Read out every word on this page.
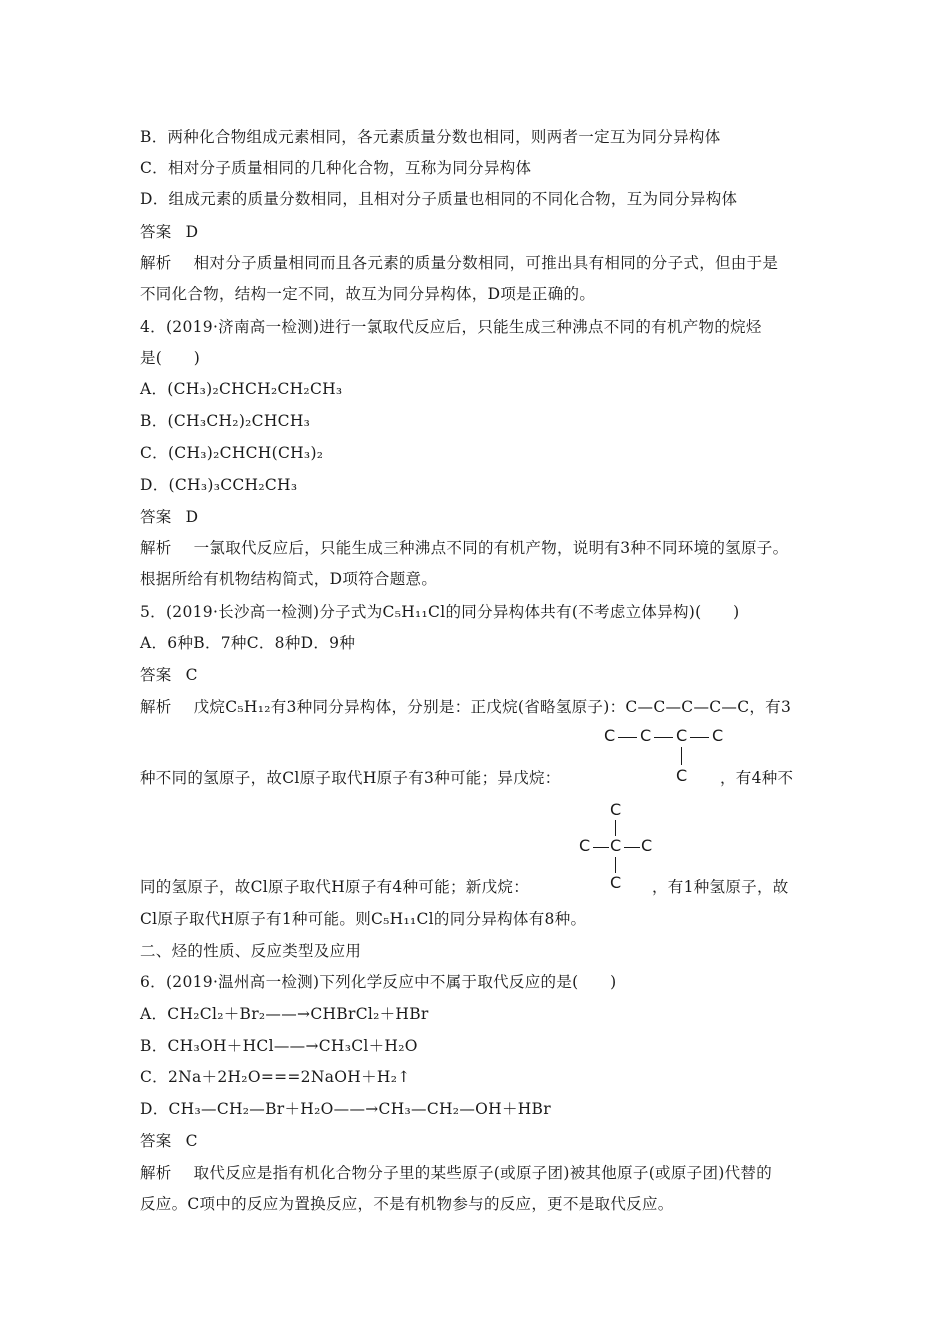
B．两种化合物组成元素相同，各元素质量分数也相同，则两者一定互为同分异构体
C．相对分子质量相同的几种化合物，互称为同分异构体
D．组成元素的质量分数相同，且相对分子质量也相同的不同化合物，互为同分异构体
答案 D
解析 相对分子质量相同而且各元素的质量分数相同，可推出具有相同的分子式，但由于是
不同化合物，结构一定不同，故互为同分异构体，D项是正确的。
4．(2019·济南高一检测)进行一氯取代反应后，只能生成三种沸点不同的有机产物的烷烃
是(　　)
A．(CH₃)₂CHCH₂CH₂CH₃
B．(CH₃CH₂)₂CHCH₃
C．(CH₃)₂CHCH(CH₃)₂
D．(CH₃)₃CCH₂CH₃
答案 D
解析 一氯取代反应后，只能生成三种沸点不同的有机产物，说明有3种不同环境的氢原子。
根据所给有机物结构简式，D项符合题意。
5．(2019·长沙高一检测)分子式为C₅H₁₁Cl的同分异构体共有(不考虑立体异构)(　　)
A．6种B．7种C．8种D．9种
答案 C
解析 戊烷C₅H₁₂有3种同分异构体，分别是：正戊烷(省略氢原子)：C—C—C—C—C，有3
C C C C
C
种不同的氢原子，故Cl原子取代H原子有3种可能；异戊烷：	，有4种不
C
C C C
C
同的氢原子，故Cl原子取代H原子有4种可能；新戊烷：	，有1种氢原子，故
Cl原子取代H原子有1种可能。则C₅H₁₁Cl的同分异构体有8种。
二、烃的性质、反应类型及应用
6．(2019·温州高一检测)下列化学反应中不属于取代反应的是(　　)
A．CH₂Cl₂＋Br₂——→CHBrCl₂＋HBr
B．CH₃OH＋HCl——→CH₃Cl＋H₂O
C．2Na＋2H₂O===2NaOH＋H₂↑
D．CH₃—CH₂—Br＋H₂O——→CH₃—CH₂—OH＋HBr
答案 C
解析 取代反应是指有机化合物分子里的某些原子(或原子团)被其他原子(或原子团)代替的
反应。C项中的反应为置换反应，不是有机物参与的反应，更不是取代反应。
